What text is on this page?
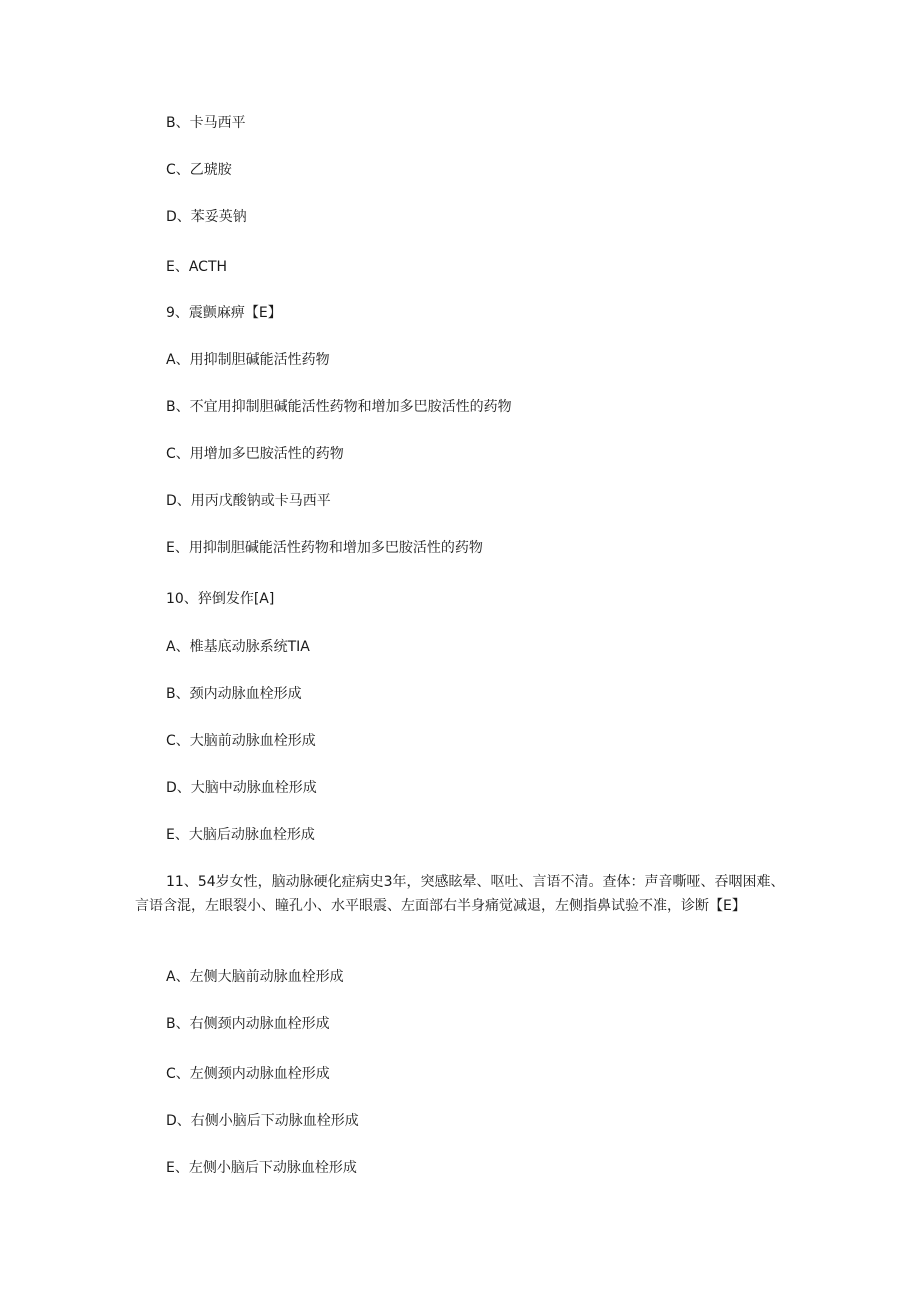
B、卡马西平
C、乙琥胺
D、苯妥英钠
E、ACTH
9、震颤麻痹【E】
A、用抑制胆碱能活性药物
B、不宜用抑制胆碱能活性药物和增加多巴胺活性的药物
C、用增加多巴胺活性的药物
D、用丙戊酸钠或卡马西平
E、用抑制胆碱能活性药物和增加多巴胺活性的药物
10、猝倒发作[A]
A、椎基底动脉系统TIA
B、颈内动脉血栓形成
C、大脑前动脉血栓形成
D、大脑中动脉血栓形成
E、大脑后动脉血栓形成
11、54岁女性，脑动脉硬化症病史3年，突感眩晕、呕吐、言语不清。查体：声音嘶哑、吞咽困难、言语含混，左眼裂小、瞳孔小、水平眼震、左面部右半身痛觉减退，左侧指鼻试验不准，诊断【E】
A、左侧大脑前动脉血栓形成
B、右侧颈内动脉血栓形成
C、左侧颈内动脉血栓形成
D、右侧小脑后下动脉血栓形成
E、左侧小脑后下动脉血栓形成
